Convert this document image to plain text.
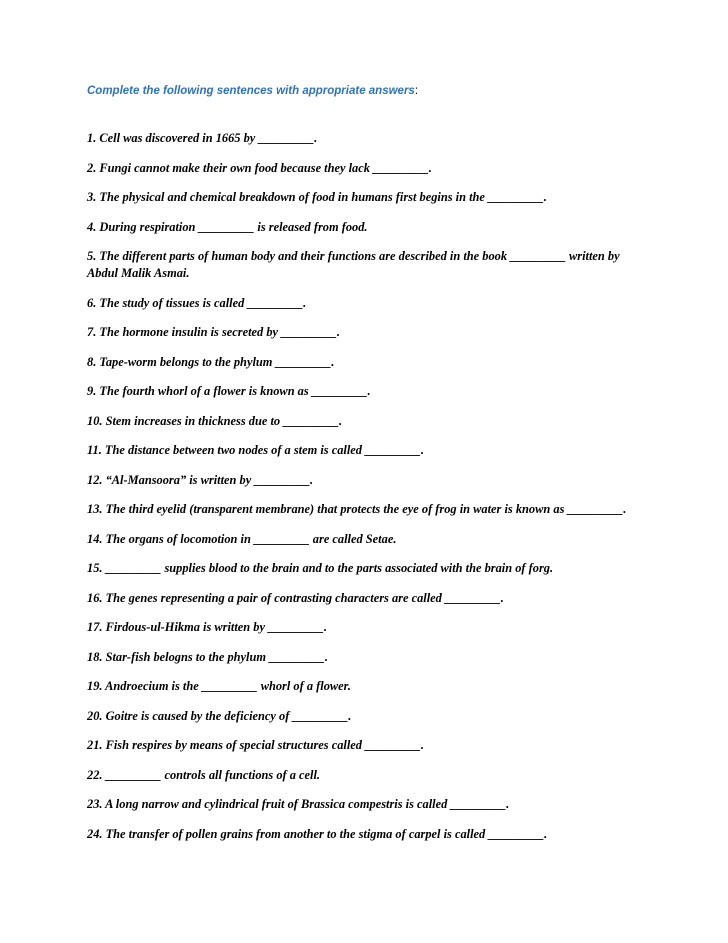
Complete the following sentences with appropriate answers:
1. Cell was discovered in 1665 by _________.
2. Fungi cannot make their own food because they lack _________.
3. The physical and chemical breakdown of food in humans first begins in the _________.
4. During respiration _________ is released from food.
5. The different parts of human body and their functions are described in the book _________ written by Abdul Malik Asmai.
6. The study of tissues is called _________.
7. The hormone insulin is secreted by _________.
8. Tape-worm belongs to the phylum _________.
9. The fourth whorl of a flower is known as _________.
10. Stem increases in thickness due to _________.
11. The distance between two nodes of a stem is called _________.
12. “Al-Mansoora” is written by _________.
13. The third eyelid (transparent membrane) that protects the eye of frog in water is known as _________.
14. The organs of locomotion in _________ are called Setae.
15. _________ supplies blood to the brain and to the parts associated with the brain of forg.
16. The genes representing a pair of contrasting characters are called _________.
17. Firdous-ul-Hikma is written by _________.
18. Star-fish belogns to the phylum _________.
19. Androecium is the _________ whorl of a flower.
20. Goitre is caused by the deficiency of _________.
21. Fish respires by means of special structures called _________.
22. _________ controls all functions of a cell.
23. A long narrow and cylindrical fruit of Brassica compestris is called _________.
24. The transfer of pollen grains from another to the stigma of carpel is called _________.
